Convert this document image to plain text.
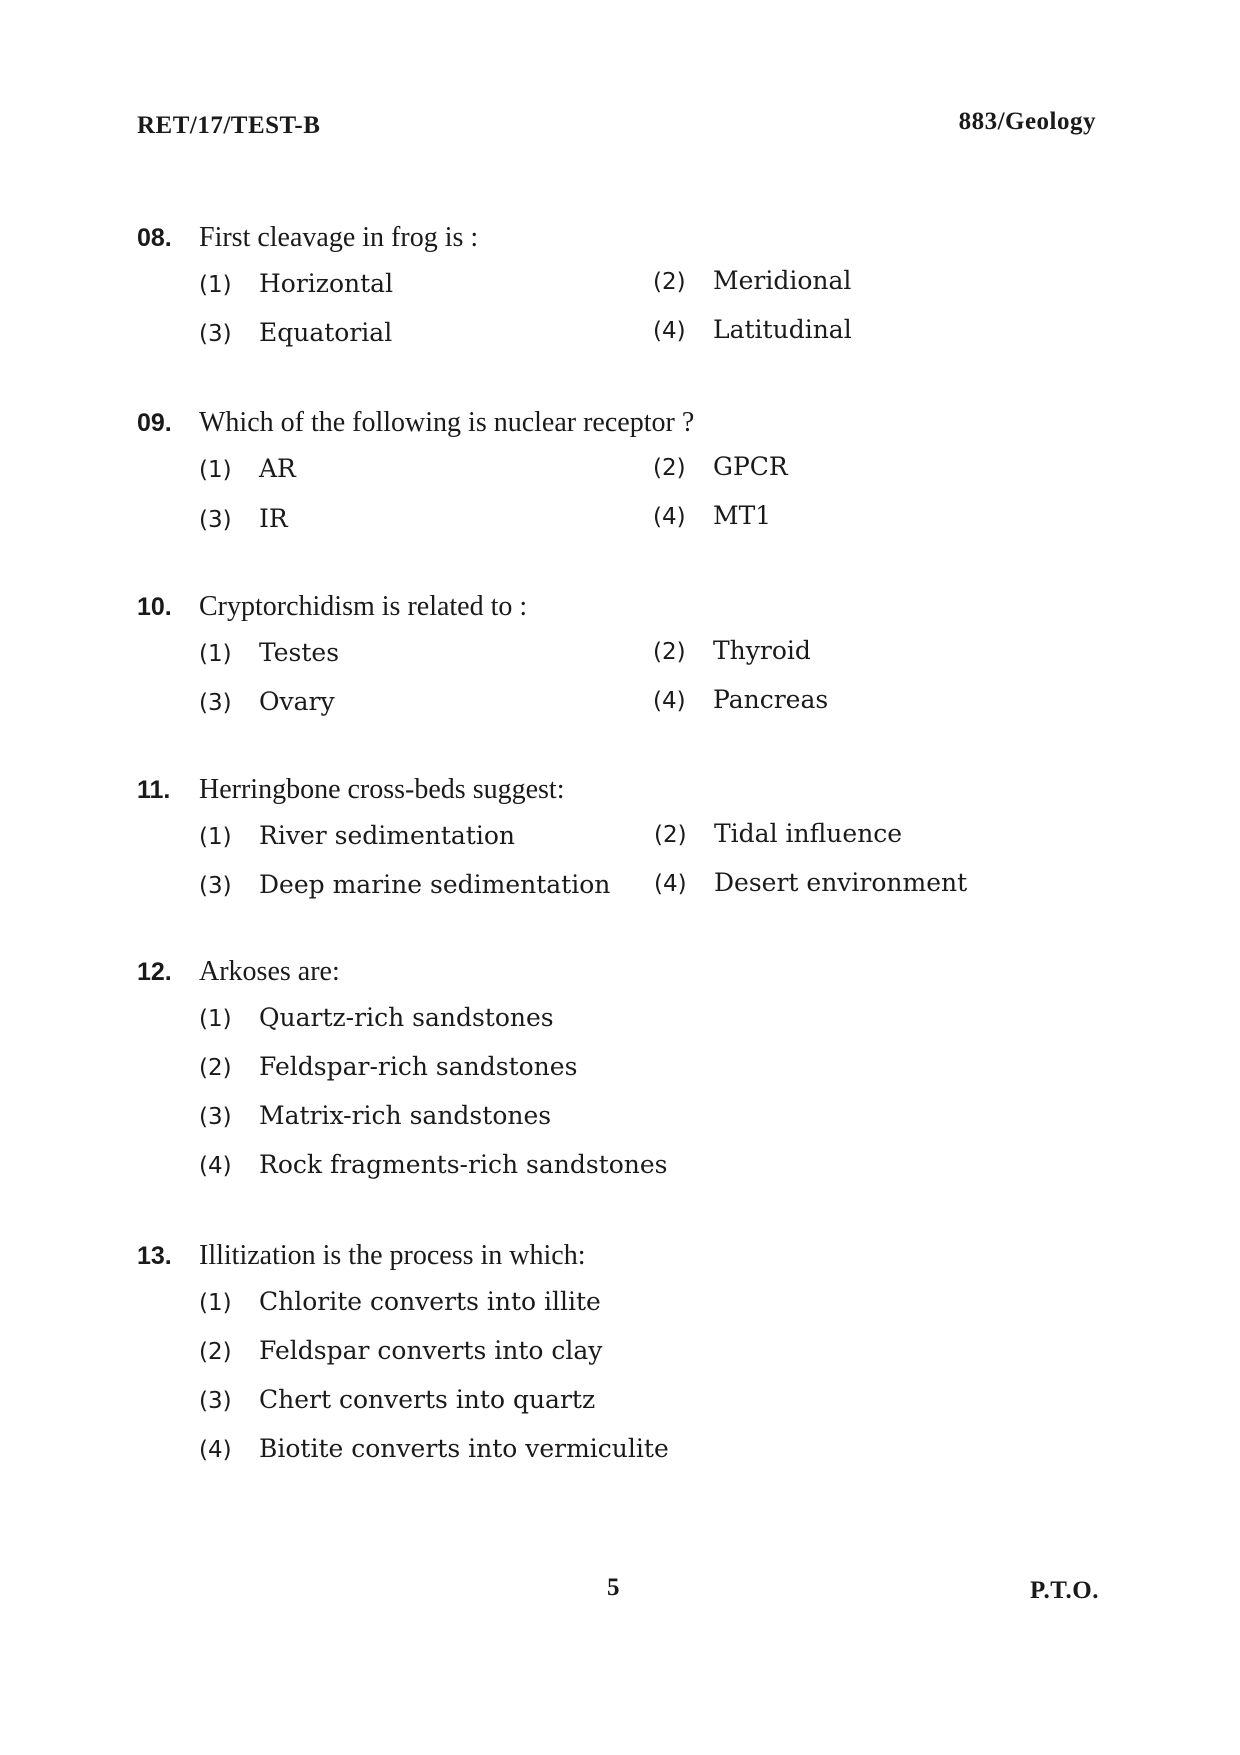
RET/17/TEST-B	883/Geology
08. First cleavage in frog is :
(1) Horizontal	(2) Meridional
(3) Equatorial	(4) Latitudinal
09. Which of the following is nuclear receptor ?
(1) AR	(2) GPCR
(3) IR	(4) MT1
10. Cryptorchidism is related to :
(1) Testes	(2) Thyroid
(3) Ovary	(4) Pancreas
11. Herringbone cross-beds suggest:
(1) River sedimentation	(2) Tidal influence
(3) Deep marine sedimentation (4) Desert environment
12. Arkoses are:
(1) Quartz-rich sandstones
(2) Feldspar-rich sandstones
(3) Matrix-rich sandstones
(4) Rock fragments-rich sandstones
13. Illitization is the process in which:
(1) Chlorite converts into illite
(2) Feldspar converts into clay
(3) Chert converts into quartz
(4) Biotite converts into vermiculite
5	P.T.O.
